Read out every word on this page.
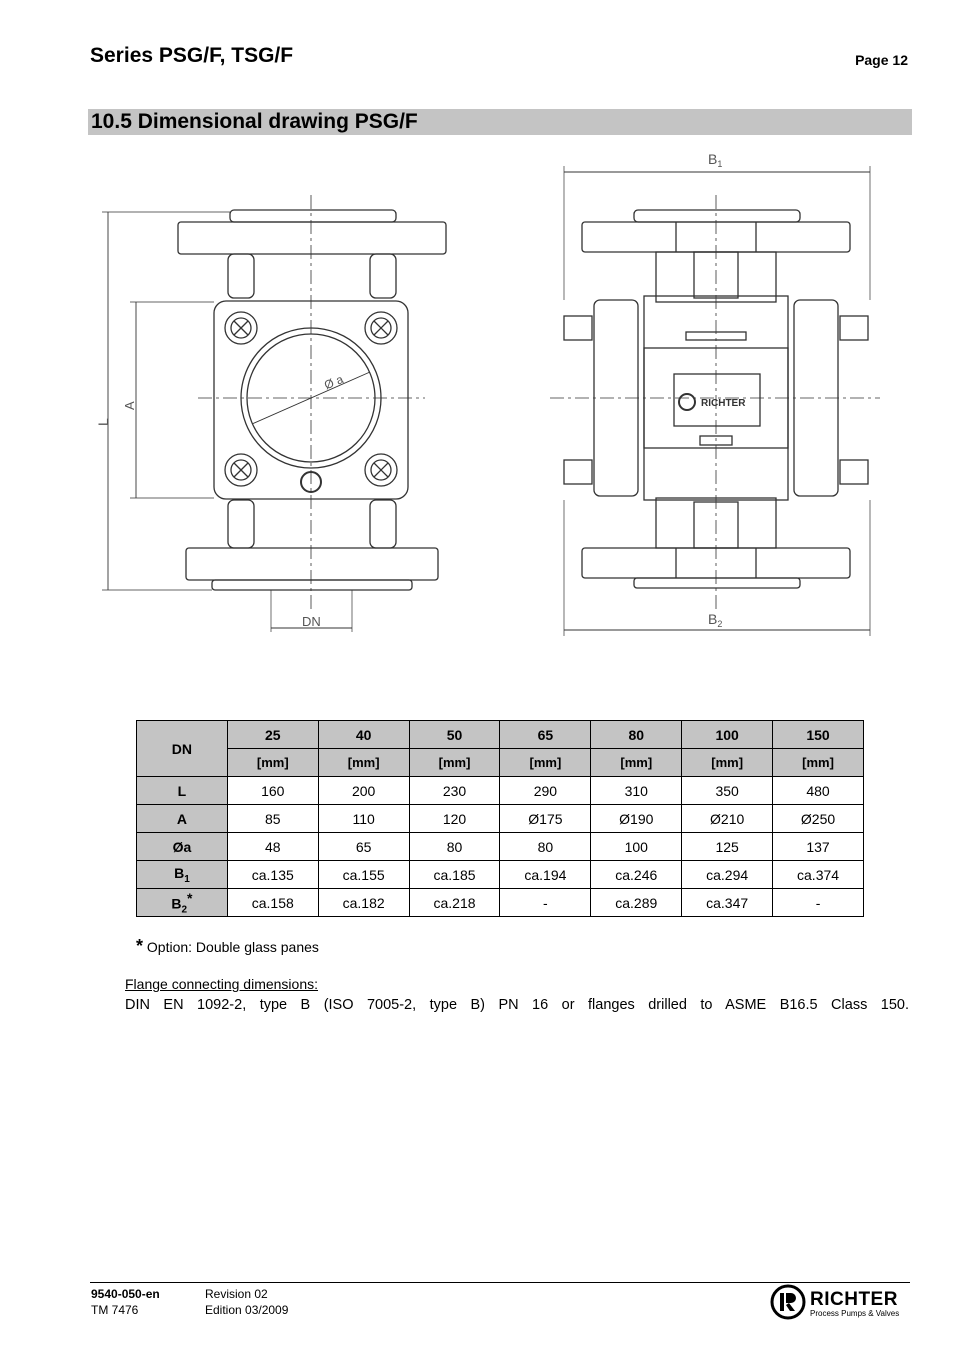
Series PSG/F, TSG/F	Page 12
10.5 Dimensional drawing PSG/F
$B_1$
$B_2$
L
A
Ø a
DN
RICHTER
DN	25	40	50	65	80	100	150
	[mm]	[mm]	[mm]	[mm]	[mm]	[mm]	[mm]
L	160	200	230	290	310	350	480
A	85	110	120	Ø175	Ø190	Ø210	Ø250
Øa	48	65	80	80	100	125	137
$B_1$	ca.135	ca.155	ca.185	ca.194	ca.246	ca.294	ca.374
$B_2^*$	ca.158	ca.182	ca.218	-	ca.289	ca.347	-
* Option: Double glass panes
Flange connecting dimensions:
DIN EN 1092-2, type B (ISO 7005-2, type B) PN 16 or flanges drilled to ASME B16.5 Class 150.
9540-050-en
TM 7476
Revision 02
Edition 03/2009	RICHTER
Process Pumps & Valves
